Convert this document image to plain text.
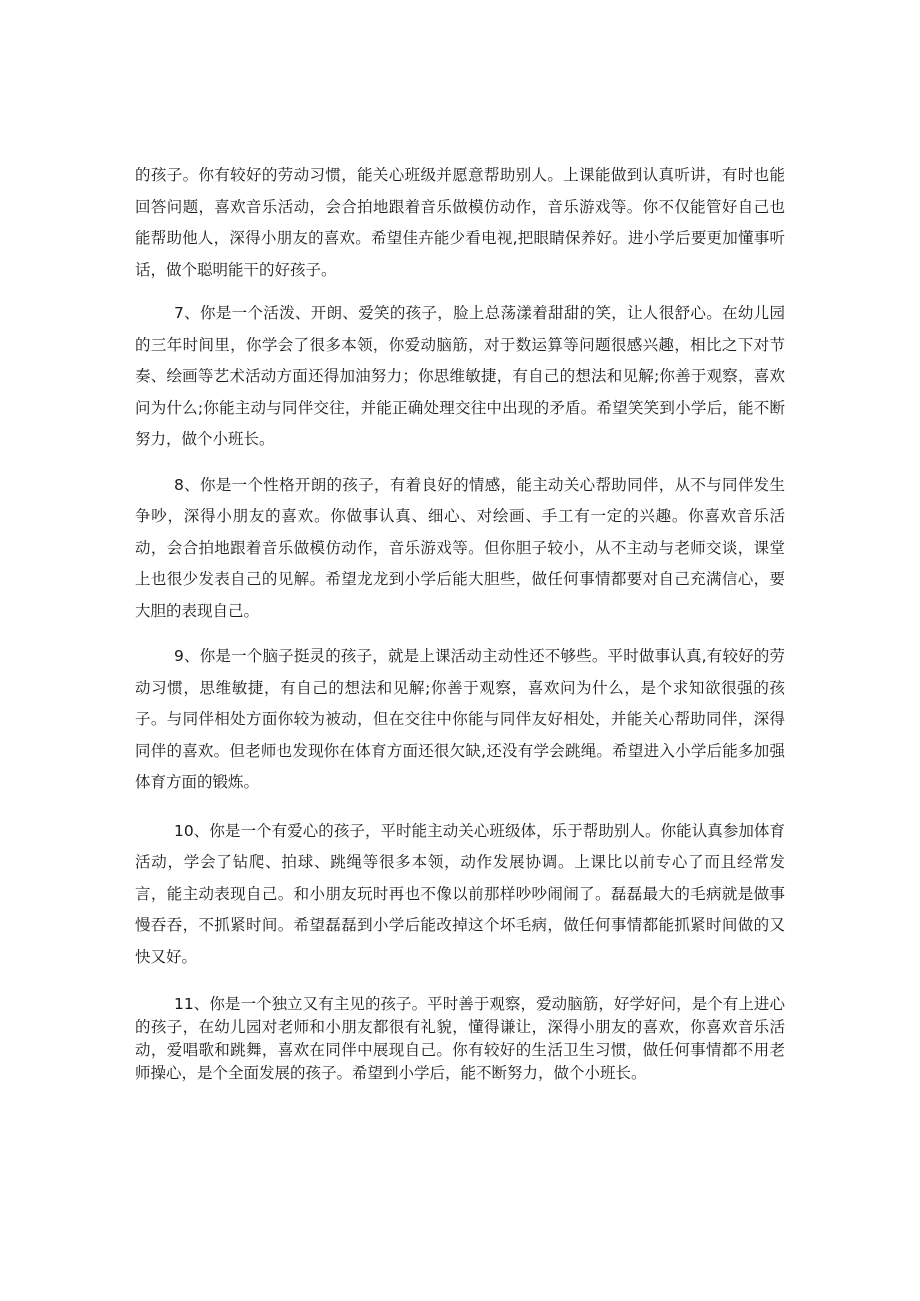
的孩子。你有较好的劳动习惯，能关心班级并愿意帮助别人。上课能做到认真听讲，有时也能回答问题，喜欢音乐活动，会合拍地跟着音乐做模仿动作，音乐游戏等。你不仅能管好自己也能帮助他人，深得小朋友的喜欢。希望佳卉能少看电视,把眼睛保养好。进小学后要更加懂事听话，做个聪明能干的好孩子。

7、你是一个活泼、开朗、爱笑的孩子，脸上总荡漾着甜甜的笑，让人很舒心。在幼儿园的三年时间里，你学会了很多本领，你爱动脑筋，对于数运算等问题很感兴趣，相比之下对节奏、绘画等艺术活动方面还得加油努力；你思维敏捷，有自己的想法和见解;你善于观察，喜欢问为什么;你能主动与同伴交往，并能正确处理交往中出现的矛盾。希望笑笑到小学后，能不断努力，做个小班长。

8、你是一个性格开朗的孩子，有着良好的情感，能主动关心帮助同伴，从不与同伴发生争吵，深得小朋友的喜欢。你做事认真、细心、对绘画、手工有一定的兴趣。你喜欢音乐活动，会合拍地跟着音乐做模仿动作，音乐游戏等。但你胆子较小，从不主动与老师交谈，课堂上也很少发表自己的见解。希望龙龙到小学后能大胆些，做任何事情都要对自己充满信心，要大胆的表现自己。

9、你是一个脑子挺灵的孩子，就是上课活动主动性还不够些。平时做事认真,有较好的劳动习惯，思维敏捷，有自己的想法和见解;你善于观察，喜欢问为什么，是个求知欲很强的孩子。与同伴相处方面你较为被动，但在交往中你能与同伴友好相处，并能关心帮助同伴，深得同伴的喜欢。但老师也发现你在体育方面还很欠缺,还没有学会跳绳。希望进入小学后能多加强体育方面的锻炼。

10、你是一个有爱心的孩子，平时能主动关心班级体，乐于帮助别人。你能认真参加体育活动，学会了钻爬、拍球、跳绳等很多本领，动作发展协调。上课比以前专心了而且经常发言，能主动表现自己。和小朋友玩时再也不像以前那样吵吵闹闹了。磊磊最大的毛病就是做事慢吞吞，不抓紧时间。希望磊磊到小学后能改掉这个坏毛病，做任何事情都能抓紧时间做的又快又好。

11、你是一个独立又有主见的孩子。平时善于观察，爱动脑筋，好学好问，是个有上进心的孩子，在幼儿园对老师和小朋友都很有礼貌，懂得谦让，深得小朋友的喜欢，你喜欢音乐活动，爱唱歌和跳舞，喜欢在同伴中展现自己。你有较好的生活卫生习惯，做任何事情都不用老师操心，是个全面发展的孩子。希望到小学后，能不断努力，做个小班长。
